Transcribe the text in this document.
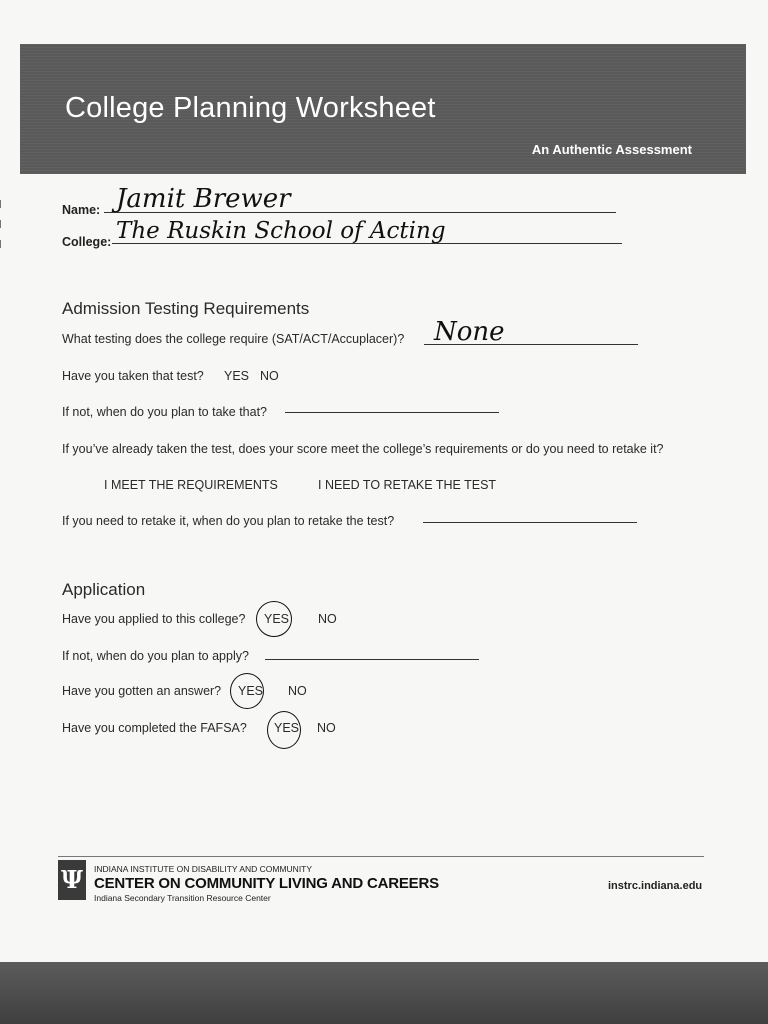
College Planning Worksheet
An Authentic Assessment
Name: Jamit Brewer
College: The Ruskin School of Acting
Admission Testing Requirements
What testing does the college require (SAT/ACT/Accuplacer)? None
Have you taken that test? YES NO
If not, when do you plan to take that?
If you’ve already taken the test, does your score meet the college’s requirements or do you need to retake it?
I MEET THE REQUIREMENTS	I NEED TO RETAKE THE TEST
If you need to retake it, when do you plan to retake the test?
Application
Have you applied to this college? YES NO
If not, when do you plan to apply?
Have you gotten an answer? YES NO
Have you completed the FAFSA? YES NO
Ψ	INDIANA INSTITUTE ON DISABILITY AND COMMUNITY
CENTER ON COMMUNITY LIVING AND CAREERS
Indiana Secondary Transition Resource Center
instrc.indiana.edu
